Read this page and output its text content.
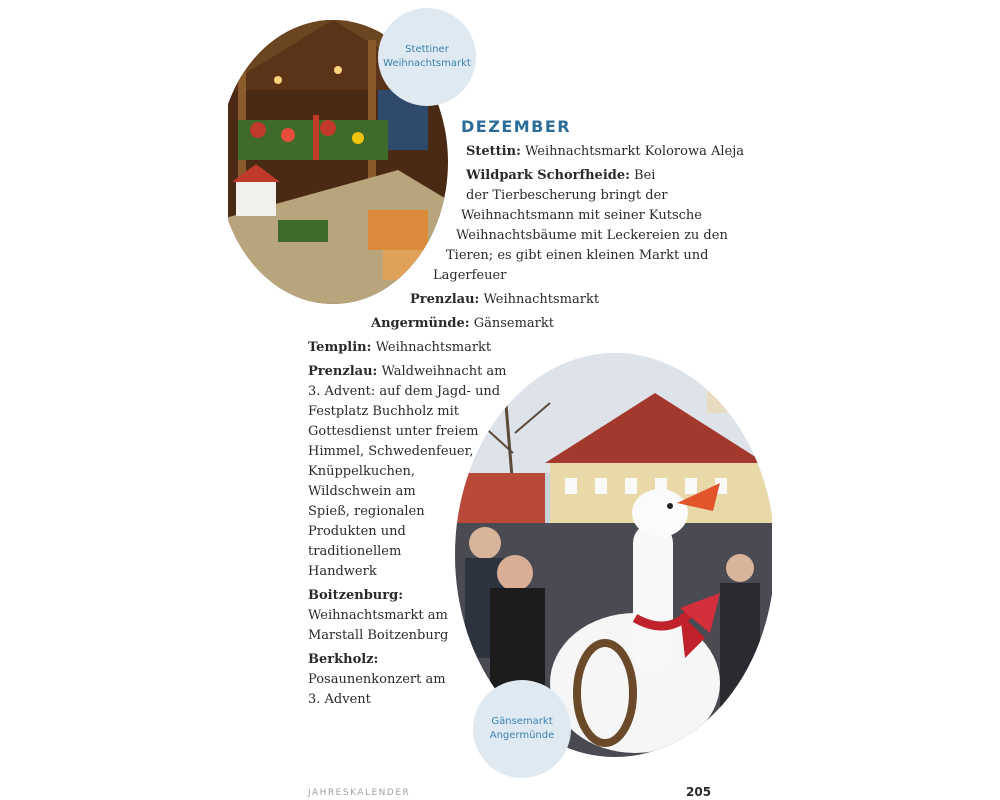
Stettiner
Weihnachtsmarkt
Gänsemarkt
Angermünde
DEZEMBER
Stettin: Weihnachtsmarkt Kolorowa Aleja
Wildpark Schorfheide: Bei
der Tierbescherung bringt der
Weihnachtsmann mit seiner Kutsche
Weihnachtsbäume mit Leckereien zu den
Tieren; es gibt einen kleinen Markt und
Lagerfeuer
Prenzlau: Weihnachtsmarkt
Angermünde: Gänsemarkt
Templin: Weihnachtsmarkt
Prenzlau: Waldweihnacht am
3. Advent: auf dem Jagd- und
Festplatz Buchholz mit
Gottesdienst unter freiem
Himmel, Schwedenfeuer,
Knüppelkuchen,
Wildschwein am
Spieß, regionalen
Produkten und
traditionellem
Handwerk
Boitzenburg:
Weihnachtsmarkt am
Marstall Boitzenburg
Berkholz:
Posaunenkonzert am
3. Advent
JAHRESKALENDER	205
